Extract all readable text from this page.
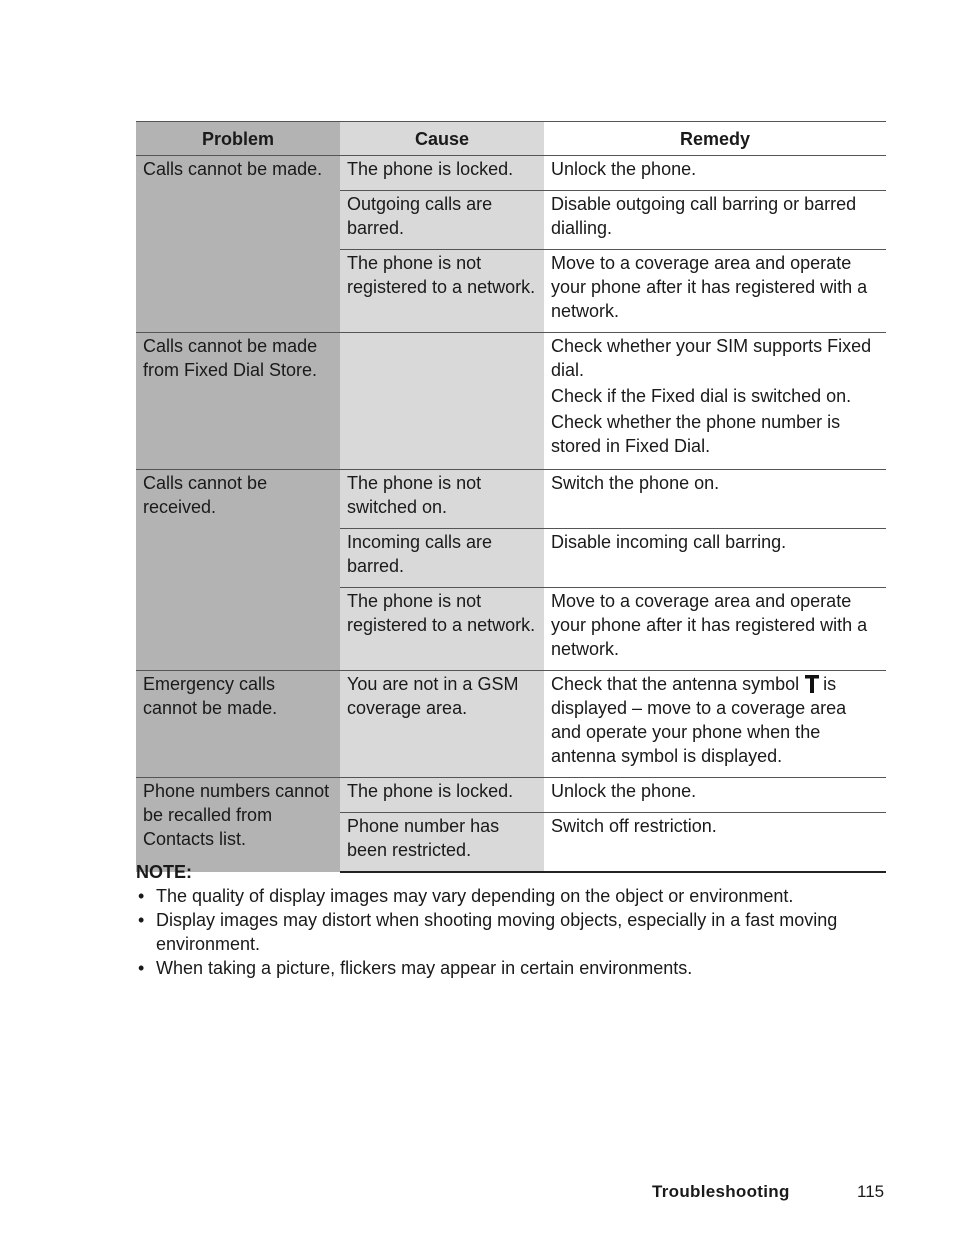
Problem	Cause	Remedy

Calls cannot be made.	The phone is locked.	Unlock the phone.

	Outgoing calls are barred.	Disable outgoing call barring or barred dialling.

	The phone is not registered to a network.	Move to a coverage area and operate your phone after it has registered with a network.

Calls cannot be made from Fixed Dial Store.		Check whether your SIM supports Fixed dial.
Check if the Fixed dial is switched on.
Check whether the phone number is stored in Fixed Dial.

Calls cannot be received.	The phone is not switched on.	Switch the phone on.

	Incoming calls are barred.	Disable incoming call barring.

	The phone is not registered to a network.	Move to a coverage area and operate your phone after it has registered with a network.

Emergency calls cannot be made.	You are not in a GSM coverage area.	Check that the antenna symbol is displayed – move to a coverage area and operate your phone when the antenna symbol is displayed.

Phone numbers cannot be recalled from Contacts list.	The phone is locked.	Unlock the phone.

	Phone number has been restricted.	Switch off restriction.
NOTE:
• The quality of display images may vary depending on the object or environment.
• Display images may distort when shooting moving objects, especially in a fast moving environment.
• When taking a picture, flickers may appear in certain environments.
Troubleshooting	115
